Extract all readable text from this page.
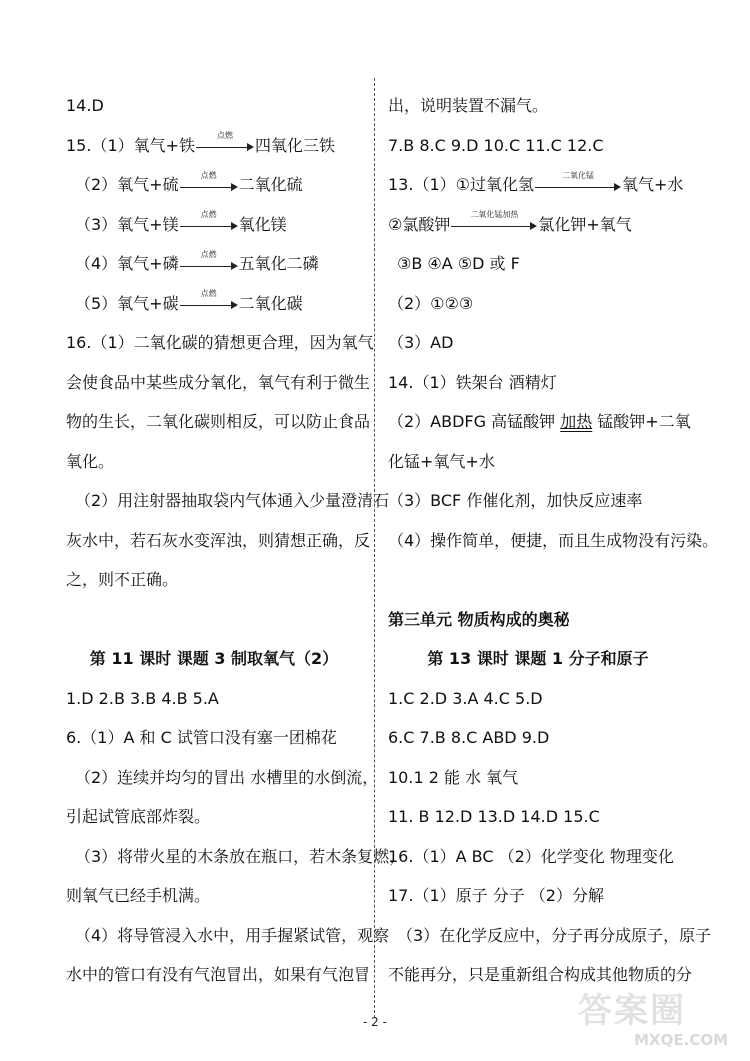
14.D
15.（1）氧气+铁	点燃	四氧化三铁
（2）氧气+硫	点燃	二氧化硫
（3）氧气+镁	点燃	氧化镁
（4）氧气+磷	点燃	五氧化二磷
（5）氧气+碳	点燃	二氧化碳
16.（1）二氧化碳的猜想更合理，因为氧气
会使食品中某些成分氧化，氧气有利于微生
物的生长，二氧化碳则相反，可以防止食品
氧化。
（2）用注射器抽取袋内气体通入少量澄清石
灰水中，若石灰水变浑浊，则猜想正确，反
之，则不正确。
第 11 课时 课题 3 制取氧气（2）
1.D 2.B 3.B 4.B 5.A
6.（1）A 和 C 试管口没有塞一团棉花
（2）连续并均匀的冒出 水槽里的水倒流，
引起试管底部炸裂。
（3）将带火星的木条放在瓶口，若木条复燃，
则氧气已经手机满。
（4）将导管浸入水中，用手握紧试管，观察
水中的管口有没有气泡冒出，如果有气泡冒
出，说明装置不漏气。
7.B 8.C 9.D 10.C 11.C 12.C
13.（1）①过氧化氢	二氧化锰	氧气+水
②氯酸钾	二氧化锰加热	氯化钾+氧气
③B ④A ⑤D 或 F
（2）①②③
（3）AD
14.（1）铁架台 酒精灯
（2）ABDFG 高锰酸钾 加热 锰酸钾+二氧
化锰+氧气+水
（3）BCF 作催化剂，加快反应速率
（4）操作简单，便捷，而且生成物没有污染。
第三单元 物质构成的奥秘
第 13 课时 课题 1 分子和原子
1.C 2.D 3.A 4.C 5.D
6.C 7.B 8.C ABD 9.D
10.1 2 能 水 氧气
11. B 12.D 13.D 14.D 15.C
16.（1）A BC （2）化学变化 物理变化
17.（1）原子 分子 （2）分解
（3）在化学反应中，分子再分成原子，原子
不能再分，只是重新组合构成其他物质的分
- 2 -	答案圈
MXQE.COM
